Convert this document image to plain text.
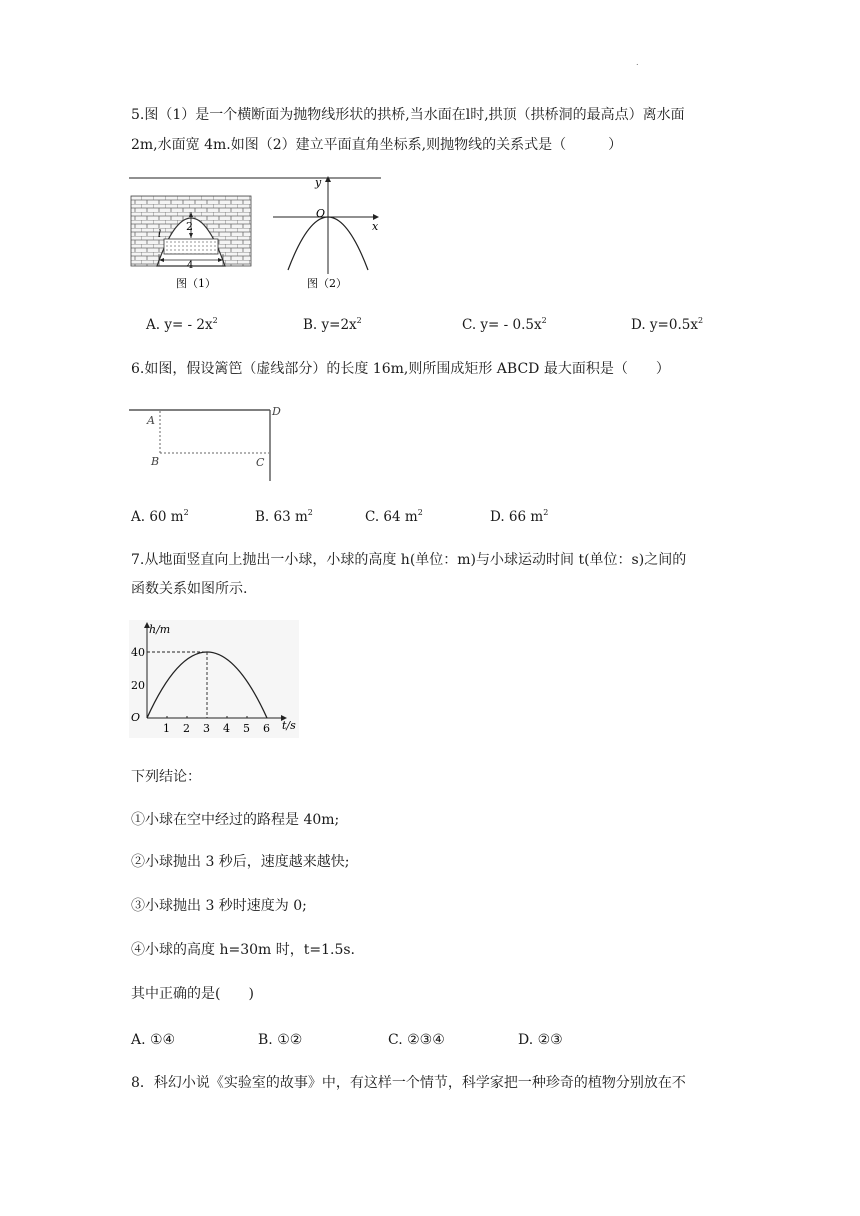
.
5.图（1）是一个横断面为抛物线形状的拱桥,当水面在l时,拱顶（拱桥洞的最高点）离水面
2m,水面宽 4m.如图（2）建立平面直角坐标系,则抛物线的关系式是（　　　）
2
l
4
图（1）
y
x
O
图（2）
A. $y= - 2x^2$	B. $y=2x^2$	C. $y= - 0.5x^2$	D. $y=0.5x^2$
6.如图，假设篱笆（虚线部分）的长度 16m,则所围成矩形 ABCD 最大面积是（　　）
A
D
B	C
A. 60 $m^2$	B. 63 $m^2$	C. 64 $m^2$	D. 66 $m^2$
7.从地面竖直向上抛出一小球，小球的高度 h(单位：m)与小球运动时间 t(单位：s)之间的
函数关系如图所示.
h/m
t/s
O
40
20
1 2 3 4 5 6
下列结论：
①小球在空中经过的路程是 40m;
②小球抛出 3 秒后，速度越来越快;
③小球抛出 3 秒时速度为 0;
④小球的高度 h=30m 时，t=1.5s.
其中正确的是(　　)
A. ①④	B. ①②	C. ②③④	D. ②③
8．科幻小说《实验室的故事》中，有这样一个情节，科学家把一种珍奇的植物分别放在不
